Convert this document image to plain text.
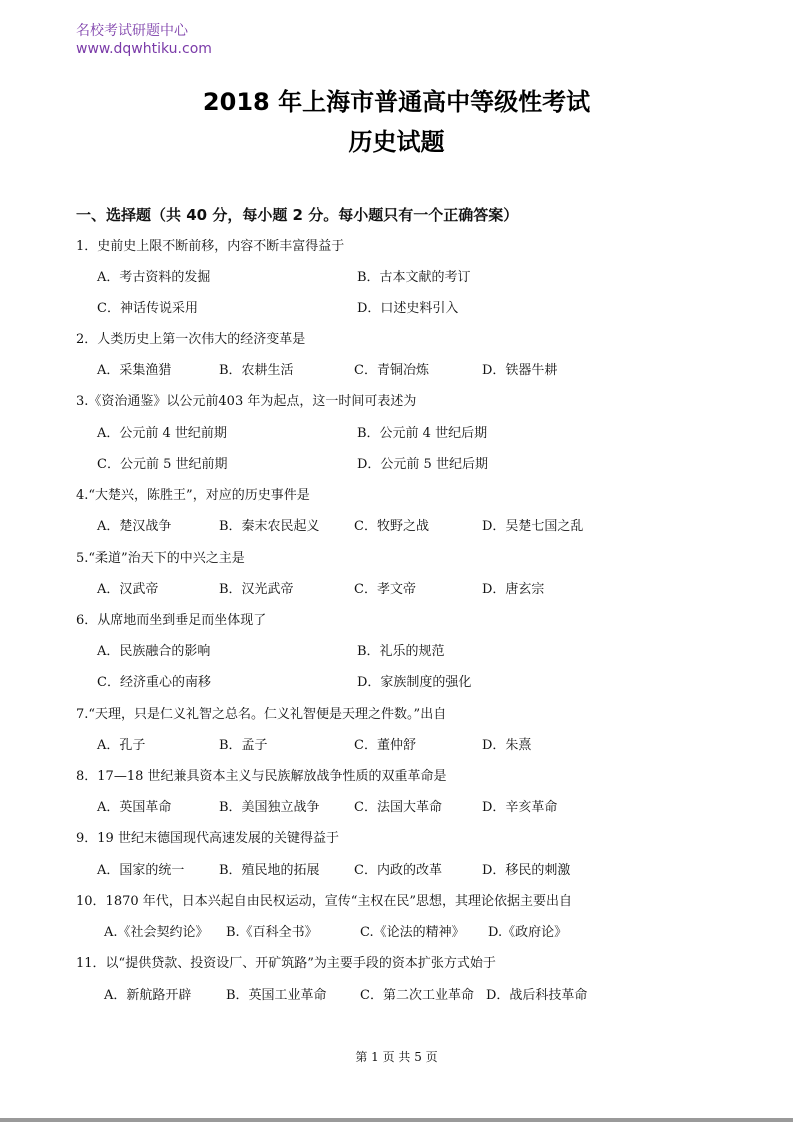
名校考试研题中心
www.dqwhtiku.com
2018 年上海市普通高中等级性考试
历史试题
一、选择题（共 40 分，每小题 2 分。每小题只有一个正确答案）
1．史前史上限不断前移，内容不断丰富得益于
A．考古资料的发掘	B．古本文献的考订
C．神话传说采用	D．口述史料引入
2．人类历史上第一次伟大的经济变革是
A．采集渔猎	B．农耕生活	C．青铜冶炼	D．铁器牛耕
3.《资治通鉴》以公元前403 年为起点，这一时间可表述为
A．公元前 4 世纪前期	B．公元前 4 世纪后期
C．公元前 5 世纪前期	D．公元前 5 世纪后期
4.“大楚兴，陈胜王”，对应的历史事件是
A．楚汉战争	B．秦末农民起义	C．牧野之战	D．吴楚七国之乱
5.“柔道”治天下的中兴之主是
A．汉武帝	B．汉光武帝	C．孝文帝	D．唐玄宗
6．从席地而坐到垂足而坐体现了
A．民族融合的影响	B．礼乐的规范
C．经济重心的南移	D．家族制度的强化
7.“天理，只是仁义礼智之总名。仁义礼智便是天理之件数。”出自
A．孔子	B．孟子	C．董仲舒	D．朱熹
8．17—18 世纪兼具资本主义与民族解放战争性质的双重革命是
A．英国革命	B．美国独立战争	C．法国大革命	D．辛亥革命
9．19 世纪末德国现代高速发展的关键得益于
A．国家的统一	B．殖民地的拓展	C．内政的改革	D．移民的刺激
10．1870 年代，日本兴起自由民权运动，宣传“主权在民”思想，其理论依据主要出自
A.《社会契约论》 B.《百科全书》	C.《论法的精神》 D.《政府论》
11．以“提供贷款、投资设厂、开矿筑路”为主要手段的资本扩张方式始于
A．新航路开辟	B．英国工业革命	C．第二次工业革命 D．战后科技革命
第 1 页 共 5 页
